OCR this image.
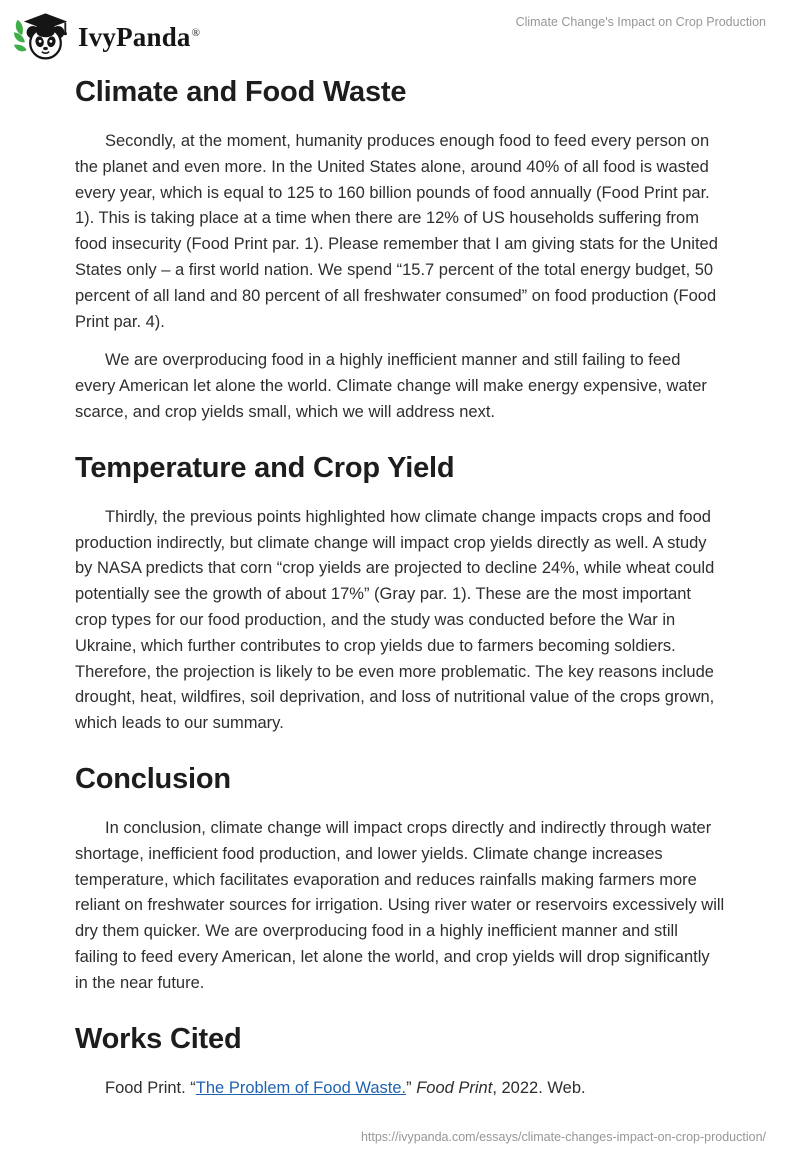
IvyPanda®
Climate Change's Impact on Crop Production
Climate and Food Waste

Secondly, at the moment, humanity produces enough food to feed every person on the planet and even more. In the United States alone, around 40% of all food is wasted every year, which is equal to 125 to 160 billion pounds of food annually (Food Print par. 1). This is taking place at a time when there are 12% of US households suffering from food insecurity (Food Print par. 1). Please remember that I am giving stats for the United States only – a first world nation. We spend “15.7 percent of the total energy budget, 50 percent of all land and 80 percent of all freshwater consumed” on food production (Food Print par. 4).

We are overproducing food in a highly inefficient manner and still failing to feed every American let alone the world. Climate change will make energy expensive, water scarce, and crop yields small, which we will address next.

Temperature and Crop Yield

Thirdly, the previous points highlighted how climate change impacts crops and food production indirectly, but climate change will impact crop yields directly as well. A study by NASA predicts that corn “crop yields are projected to decline 24%, while wheat could potentially see the growth of about 17%” (Gray par. 1). These are the most important crop types for our food production, and the study was conducted before the War in Ukraine, which further contributes to crop yields due to farmers becoming soldiers. Therefore, the projection is likely to be even more problematic. The key reasons include drought, heat, wildfires, soil deprivation, and loss of nutritional value of the crops grown, which leads to our summary.

Conclusion

In conclusion, climate change will impact crops directly and indirectly through water shortage, inefficient food production, and lower yields. Climate change increases temperature, which facilitates evaporation and reduces rainfalls making farmers more reliant on freshwater sources for irrigation. Using river water or reservoirs excessively will dry them quicker. We are overproducing food in a highly inefficient manner and still failing to feed every American, let alone the world, and crop yields will drop significantly in the near future.

Works Cited

Food Print. “The Problem of Food Waste.” Food Print, 2022. Web.

https://ivypanda.com/essays/climate-changes-impact-on-crop-production/
